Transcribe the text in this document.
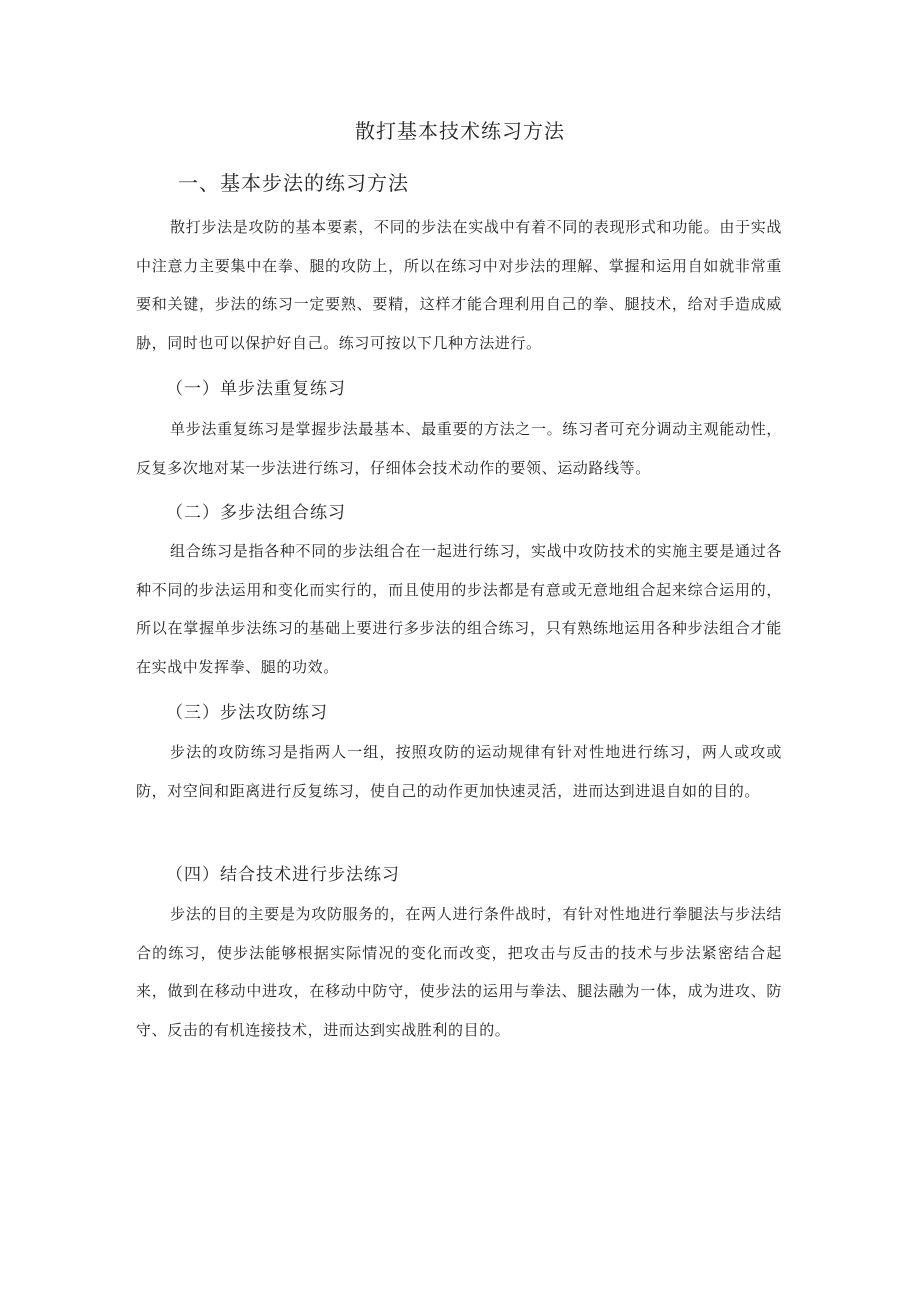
散打基本技术练习方法
一、基本步法的练习方法

散打步法是攻防的基本要素，不同的步法在实战中有着不同的表现形式和功能。由于实战中注意力主要集中在拳、腿的攻防上，所以在练习中对步法的理解、掌握和运用自如就非常重要和关键，步法的练习一定要熟、要精，这样才能合理利用自己的拳、腿技术，给对手造成威胁，同时也可以保护好自己。练习可按以下几种方法进行。

（一）单步法重复练习

单步法重复练习是掌握步法最基本、最重要的方法之一。练习者可充分调动主观能动性，反复多次地对某一步法进行练习，仔细体会技术动作的要领、运动路线等。

（二）多步法组合练习

组合练习是指各种不同的步法组合在一起进行练习，实战中攻防技术的实施主要是通过各种不同的步法运用和变化而实行的，而且使用的步法都是有意或无意地组合起来综合运用的，所以在掌握单步法练习的基础上要进行多步法的组合练习，只有熟练地运用各种步法组合才能在实战中发挥拳、腿的功效。

（三）步法攻防练习

步法的攻防练习是指两人一组，按照攻防的运动规律有针对性地进行练习，两人或攻或防，对空间和距离进行反复练习，使自己的动作更加快速灵活，进而达到进退自如的目的。

（四）结合技术进行步法练习

步法的目的主要是为攻防服务的，在两人进行条件战时，有针对性地进行拳腿法与步法结合的练习，使步法能够根据实际情况的变化而改变，把攻击与反击的技术与步法紧密结合起来，做到在移动中进攻，在移动中防守，使步法的运用与拳法、腿法融为一体，成为进攻、防守、反击的有机连接技术，进而达到实战胜利的目的。
